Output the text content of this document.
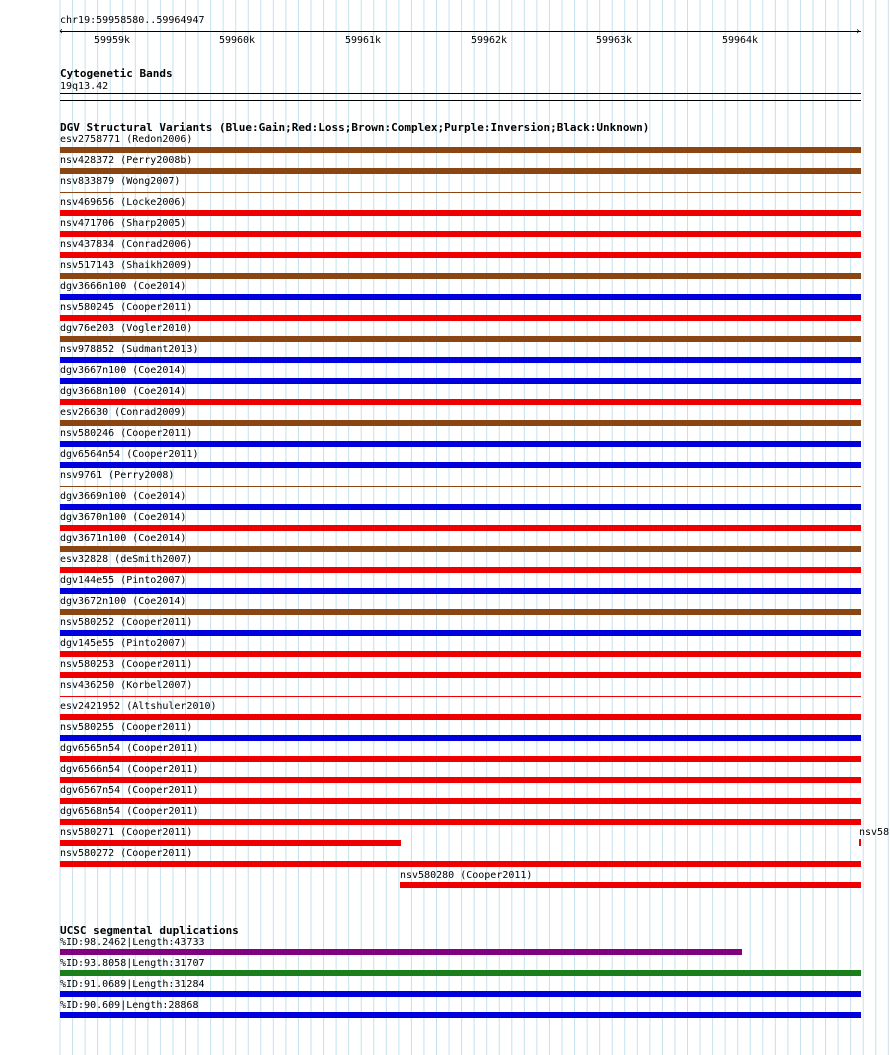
chr19:59958580..59964947
‹	›
59959k	59960k	59961k	59962k	59963k	59964k
Cytogenetic Bands
19q13.42
DGV Structural Variants (Blue:Gain;Red:Loss;Brown:Complex;Purple:Inversion;Black:Unknown)
esv2758771 (Redon2006)
nsv428372 (Perry2008b)
nsv833879 (Wong2007)
nsv469656 (Locke2006)
nsv471706 (Sharp2005)
nsv437834 (Conrad2006)
nsv517143 (Shaikh2009)
dgv3666n100 (Coe2014)
nsv580245 (Cooper2011)
dgv76e203 (Vogler2010)
nsv978852 (Sudmant2013)
dgv3667n100 (Coe2014)
dgv3668n100 (Coe2014)
esv26630 (Conrad2009)
nsv580246 (Cooper2011)
dgv6564n54 (Cooper2011)
nsv9761 (Perry2008)
dgv3669n100 (Coe2014)
dgv3670n100 (Coe2014)
dgv3671n100 (Coe2014)
esv32828 (deSmith2007)
dgv144e55 (Pinto2007)
dgv3672n100 (Coe2014)
nsv580252 (Cooper2011)
dgv145e55 (Pinto2007)
nsv580253 (Cooper2011)
nsv436250 (Korbel2007)
esv2421952 (Altshuler2010)
nsv580255 (Cooper2011)
dgv6565n54 (Cooper2011)
dgv6566n54 (Cooper2011)
dgv6567n54 (Cooper2011)
dgv6568n54 (Cooper2011)
nsv580271 (Cooper2011)	nsv58
nsv580272 (Cooper2011)
nsv580280 (Cooper2011)
UCSC segmental duplications
%ID:98.2462|Length:43733
%ID:93.8058|Length:31707
%ID:91.0689|Length:31284
%ID:90.609|Length:28868
